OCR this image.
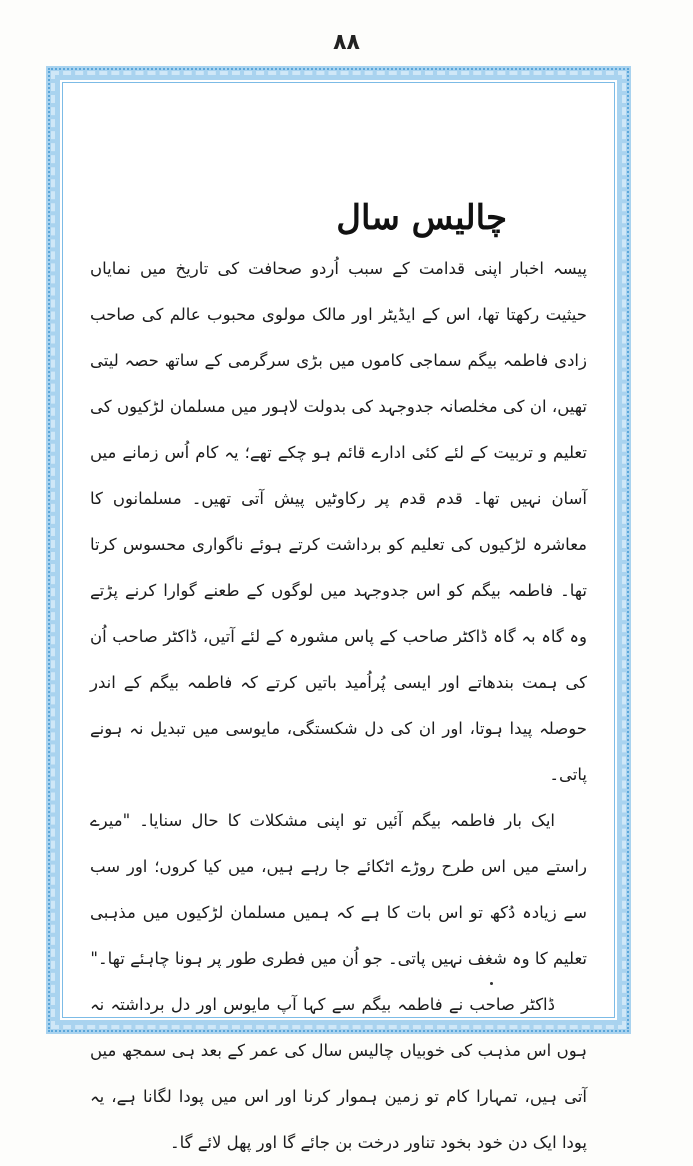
۸۸
چالیس سال

پیسہ اخبار اپنی قدامت کے سبب اُردو صحافت کی تاریخ میں نمایاں حیثیت رکھتا تھا، اس کے ایڈیٹر اور مالک مولوی محبوب عالم کی صاحب زادی فاطمہ بیگم سماجی کاموں میں بڑی سرگرمی کے ساتھ حصہ لیتی تھیں، ان کی مخلصانہ جدوجہد کی بدولت لاہور میں مسلمان لڑکیوں کی تعلیم و تربیت کے لئے کئی ادارے قائم ہو چکے تھے؛ یہ کام اُس زمانے میں آسان نہیں تھا۔ قدم قدم پر رکاوٹیں پیش آتی تھیں۔ مسلمانوں کا معاشرہ لڑکیوں کی تعلیم کو برداشت کرتے ہوئے ناگواری محسوس کرتا تھا۔ فاطمہ بیگم کو اس جدوجہد میں لوگوں کے طعنے گوارا کرنے پڑتے وہ گاہ بہ گاہ ڈاکٹر صاحب کے پاس مشورہ کے لئے آتیں، ڈاکٹر صاحب اُن کی ہمت بندھاتے اور ایسی پُراُمید باتیں کرتے کہ فاطمہ بیگم کے اندر حوصلہ پیدا ہوتا، اور ان کی دل شکستگی، مایوسی میں تبدیل نہ ہونے پاتی۔

ایک بار فاطمہ بیگم آئیں تو اپنی مشکلات کا حال سنایا۔ "میرے راستے میں اس طرح روڑے اٹکائے جا رہے ہیں، میں کیا کروں؛ اور سب سے زیادہ دُکھ تو اس بات کا ہے کہ ہمیں مسلمان لڑکیوں میں مذہبی تعلیم کا وہ شغف نہیں پاتی۔ جو اُن میں فطری طور پر ہونا چاہئے تھا۔"

ڈاکٹر صاحب نے فاطمہ بیگم سے کہا آپ مایوس اور دل برداشتہ نہ ہوں اس مذہب کی خوبیاں چالیس سال کی عمر کے بعد ہی سمجھ میں آتی ہیں، تمہارا کام تو زمین ہموار کرنا اور اس میں پودا لگانا ہے، یہ پودا ایک دن خود بخود تناور درخت بن جائے گا اور پھل لائے گا۔
